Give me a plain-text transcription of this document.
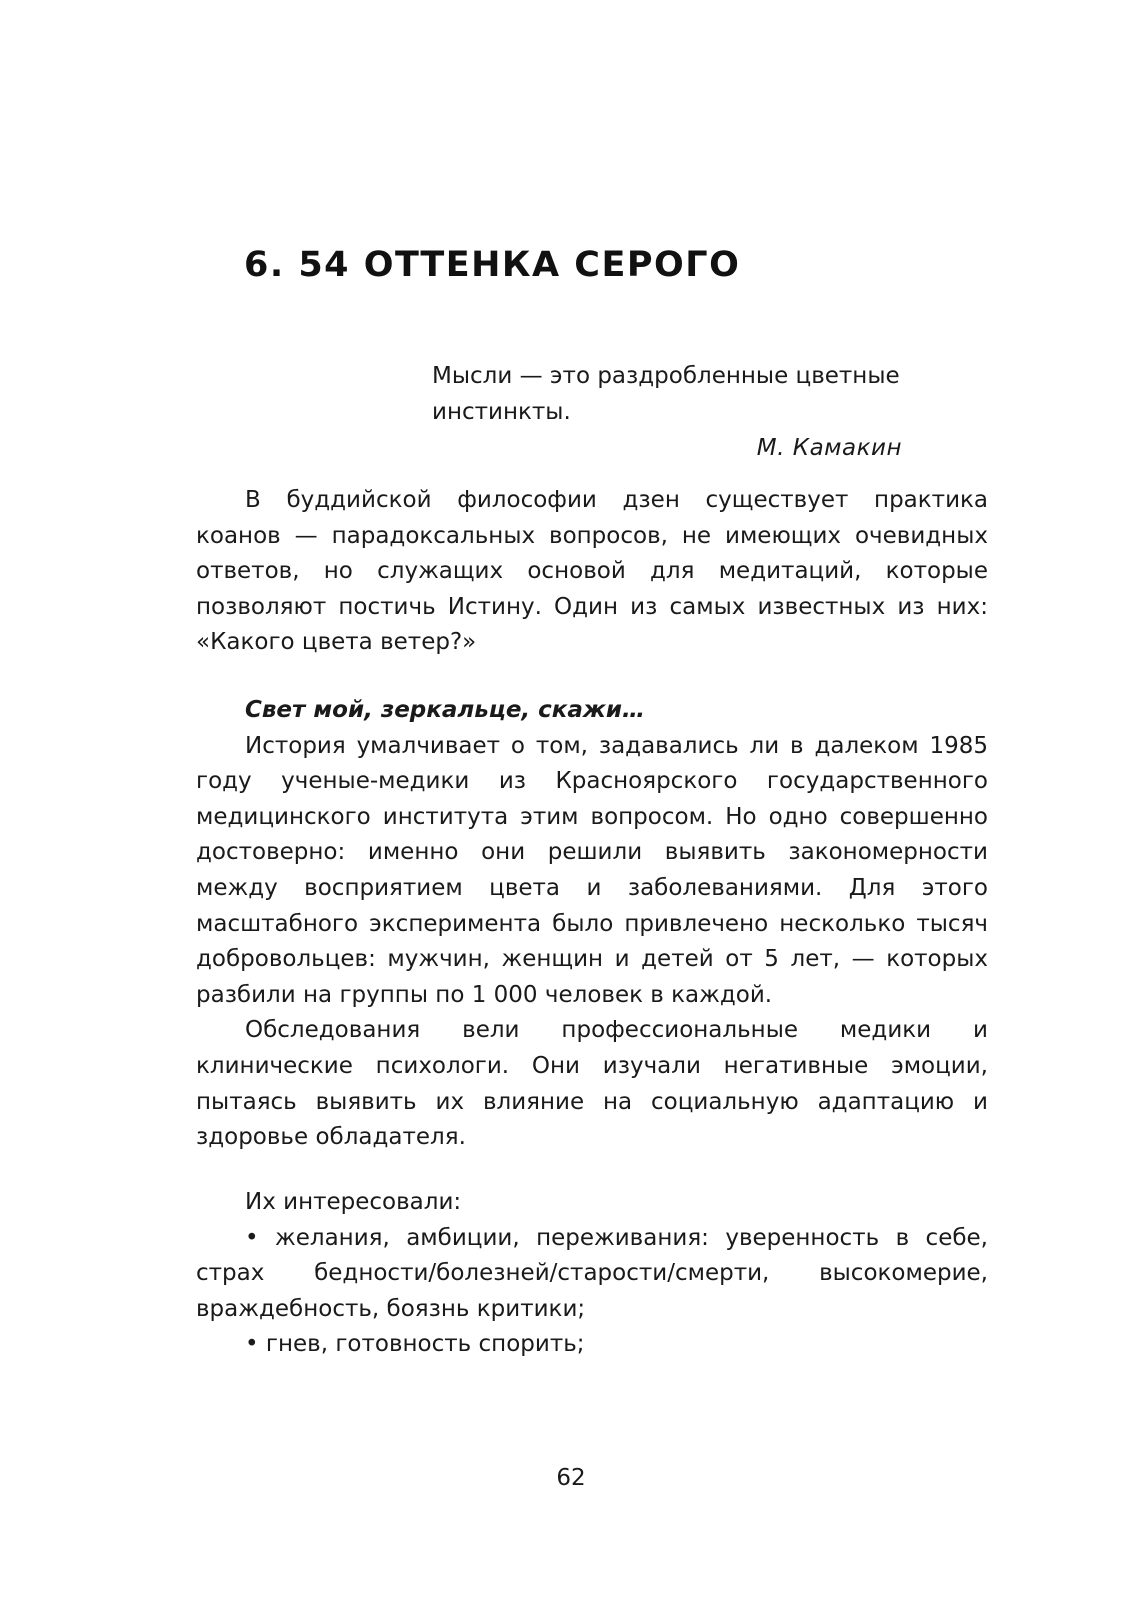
6. 54 ОТТЕНКА СЕРОГО

Мысли — это раздробленные цветные инстинкты.

М. Камакин

В буддийской философии дзен существует практика коанов — парадоксальных вопросов, не имеющих очевидных ответов, но служащих основой для медитаций, которые позволяют постичь Истину. Один из самых известных из них: «Какого цвета ветер?»

Свет мой, зеркальце, скажи…

История умалчивает о том, задавались ли в далеком 1985 году ученые-медики из Красноярского государственного медицинского института этим вопросом. Но одно совершенно достоверно: именно они решили выявить закономерности между восприятием цвета и заболеваниями. Для этого масштабного эксперимента было привлечено несколько тысяч добровольцев: мужчин, женщин и детей от 5 лет, — которых разбили на группы по 1 000 человек в каждой.

Обследования вели профессиональные медики и клинические психологи. Они изучали негативные эмоции, пытаясь выявить их влияние на социальную адаптацию и здоровье обладателя.

Их интересовали:

• желания, амбиции, переживания: уверенность в себе, страх бедности/болезней/старости/смерти, высокомерие, враждебность, боязнь критики;

• гнев, готовность спорить;

62
